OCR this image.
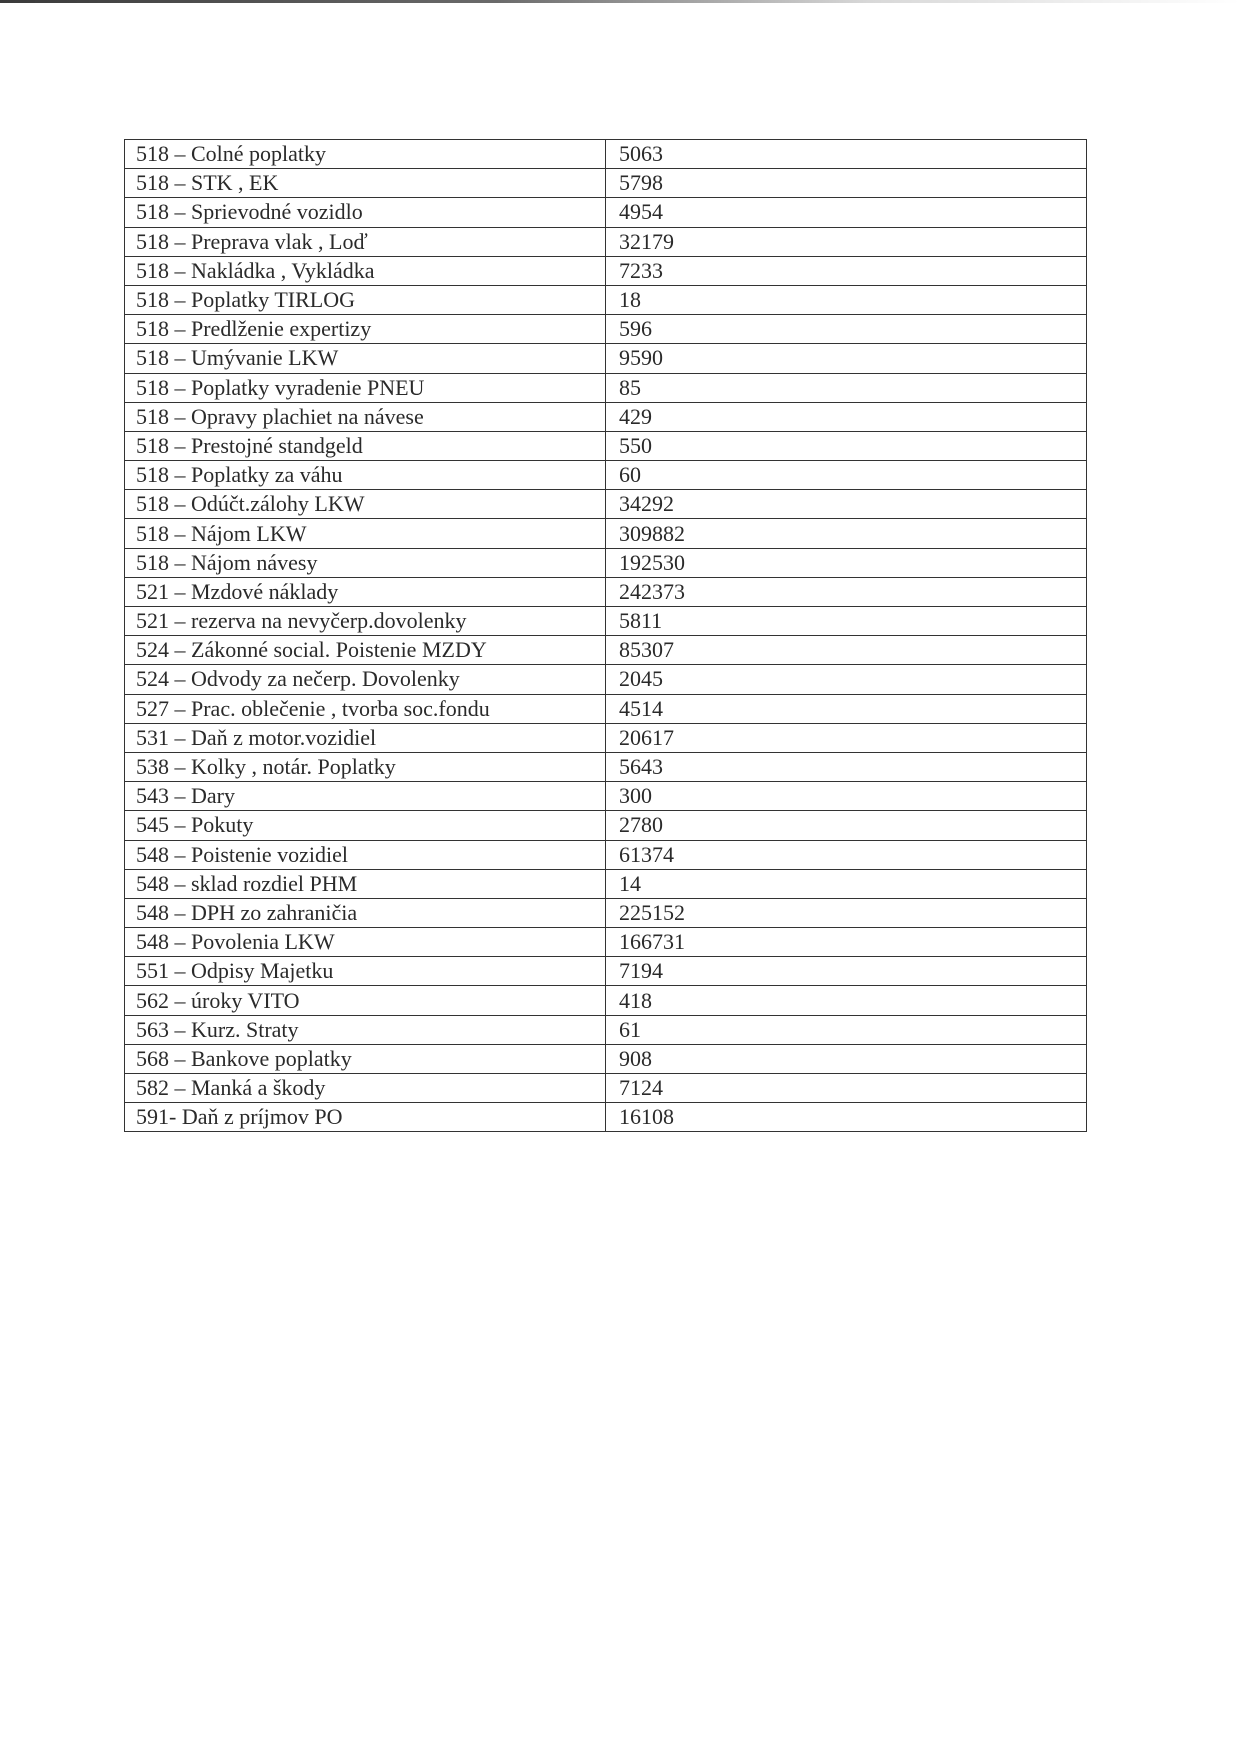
518 – Colné poplatky	5063
518 – STK , EK	5798
518 – Sprievodné vozidlo	4954
518 – Preprava vlak , Loď	32179
518 – Nakládka , Vykládka	7233
518 – Poplatky TIRLOG	18
518 – Predlženie expertizy	596
518 – Umývanie LKW	9590
518 – Poplatky vyradenie PNEU	85
518 – Opravy plachiet na návese	429
518 – Prestojné standgeld	550
518 – Poplatky za váhu	60
518 – Odúčt.zálohy LKW	34292
518 – Nájom LKW	309882
518 – Nájom návesy	192530
521 – Mzdové náklady	242373
521 – rezerva na nevyčerp.dovolenky	5811
524 – Zákonné social. Poistenie MZDY	85307
524 – Odvody za nečerp. Dovolenky	2045
527 – Prac. oblečenie , tvorba soc.fondu	4514
531 – Daň z motor.vozidiel	20617
538 – Kolky , notár. Poplatky	5643
543 – Dary	300
545 – Pokuty	2780
548 – Poistenie vozidiel	61374
548 – sklad rozdiel PHM	14
548 – DPH zo zahraničia	225152
548 – Povolenia LKW	166731
551 – Odpisy Majetku	7194
562 – úroky VITO	418
563 – Kurz. Straty	61
568 – Bankove poplatky	908
582 – Manká a škody	7124
591- Daň z príjmov PO	16108
